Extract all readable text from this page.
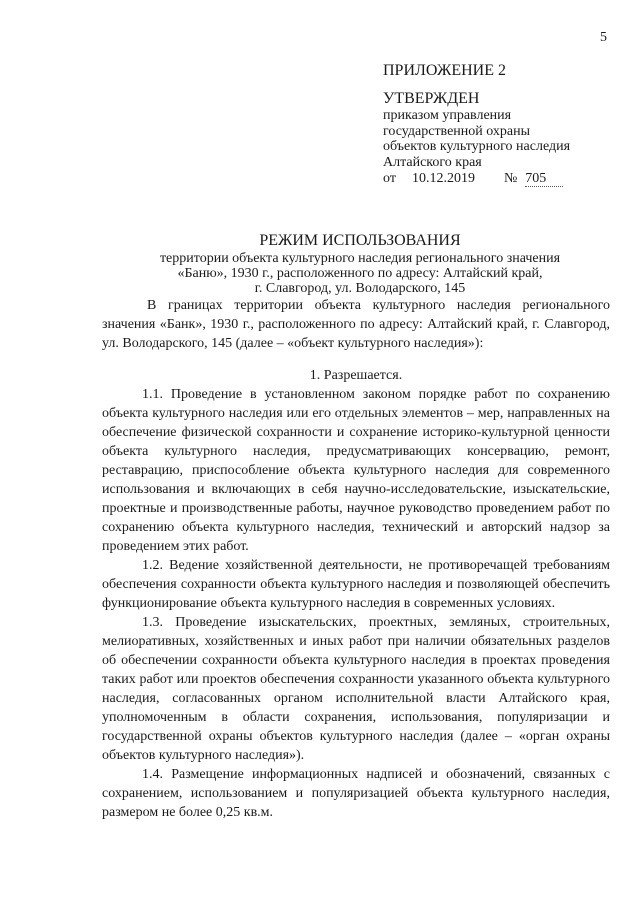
5
ПРИЛОЖЕНИЕ 2
УТВЕРЖДЕН
приказом управления
государственной охраны
объектов культурного наследия
Алтайского края
от 10.12.2019 № 705
РЕЖИМ ИСПОЛЬЗОВАНИЯ
территории объекта культурного наследия регионального значения
«Баню», 1930 г., расположенного по адресу: Алтайский край,
г. Славгород, ул. Володарского, 145

В границах территории объекта культурного наследия регионального значения «Банк», 1930 г., расположенного по адресу: Алтайский край, г. Славгород, ул. Володарского, 145 (далее – «объект культурного наследия»):

1. Разрешается.

1.1. Проведение в установленном законом порядке работ по сохранению объекта культурного наследия или его отдельных элементов – мер, направленных на обеспечение физической сохранности и сохранение историко-культурной ценности объекта культурного наследия, предусматривающих консервацию, ремонт, реставрацию, приспособление объекта культурного наследия для современного использования и включающих в себя научно-исследовательские, изыскательские, проектные и производственные работы, научное руководство проведением работ по сохранению объекта культурного наследия, технический и авторский надзор за проведением этих работ.

1.2. Ведение хозяйственной деятельности, не противоречащей требованиям обеспечения сохранности объекта культурного наследия и позволяющей обеспечить функционирование объекта культурного наследия в современных условиях.

1.3. Проведение изыскательских, проектных, земляных, строительных, мелиоративных, хозяйственных и иных работ при наличии обязательных разделов об обеспечении сохранности объекта культурного наследия в проектах проведения таких работ или проектов обеспечения сохранности указанного объекта культурного наследия, согласованных органом исполнительной власти Алтайского края, уполномоченным в области сохранения, использования, популяризации и государственной охраны объектов культурного наследия (далее – «орган охраны объектов культурного наследия»).

1.4. Размещение информационных надписей и обозначений, связанных с сохранением, использованием и популяризацией объекта культурного наследия, размером не более 0,25 кв.м.
